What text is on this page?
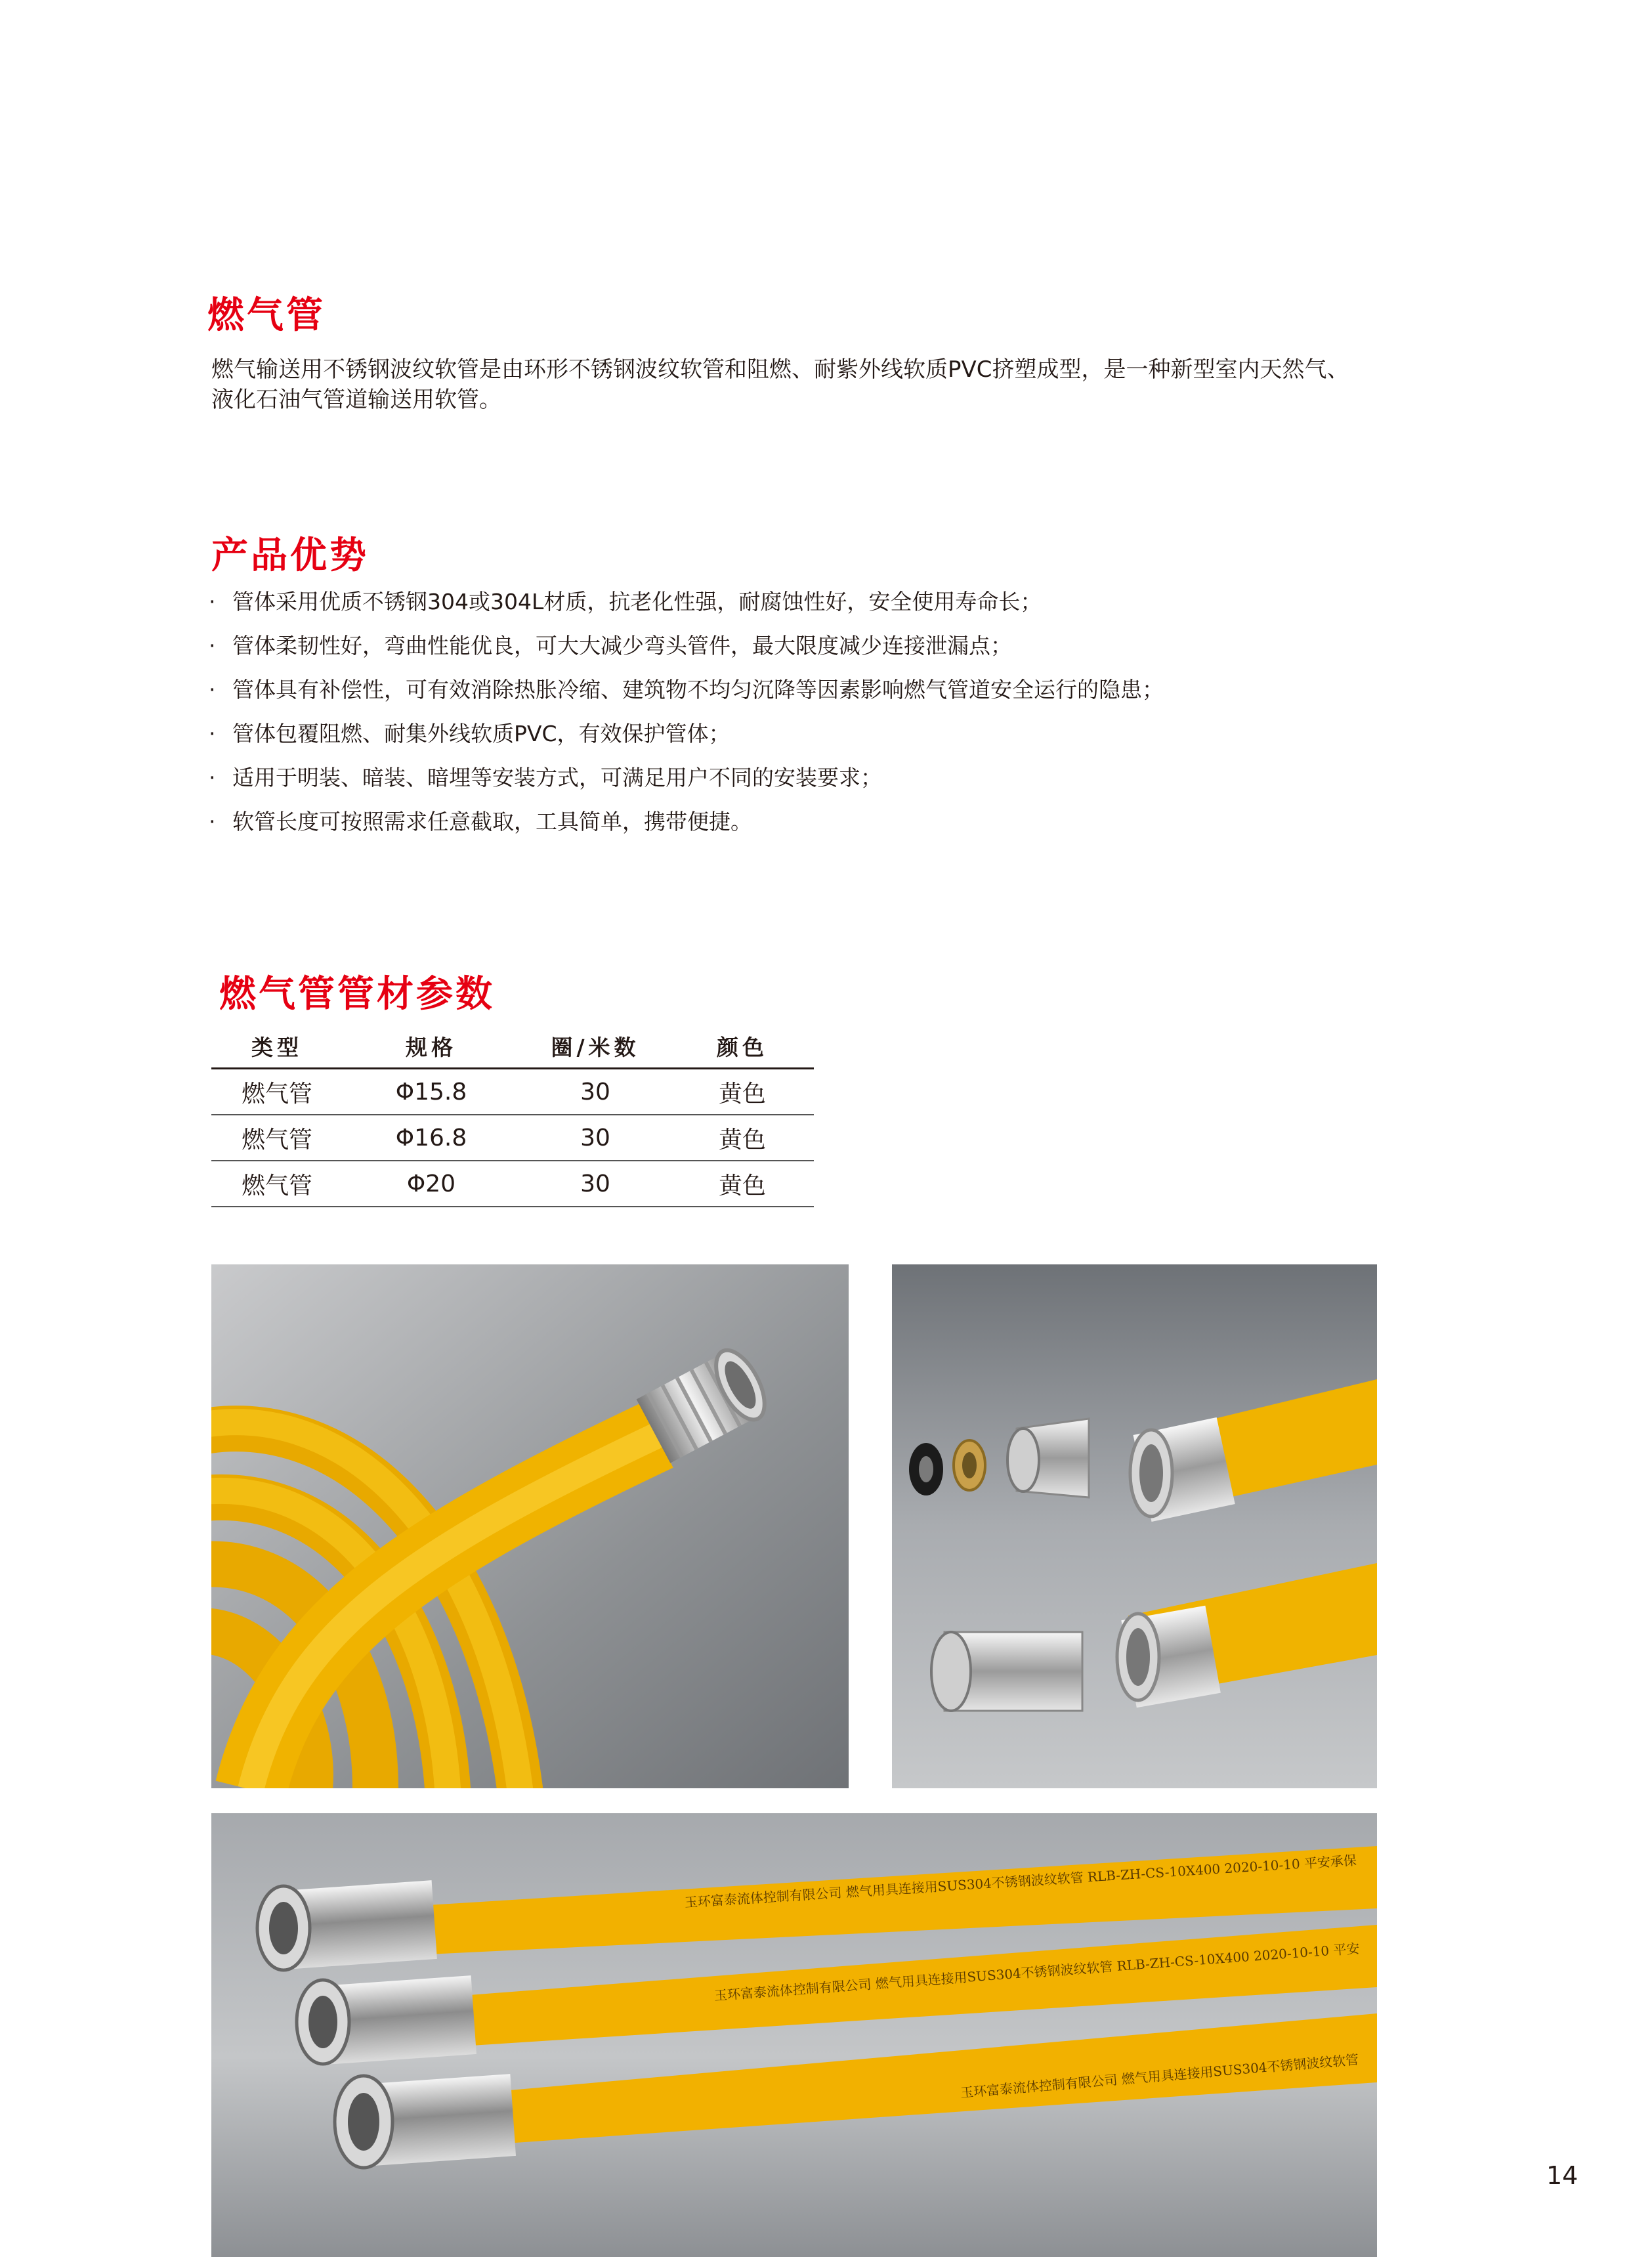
燃气管
燃气输送用不锈钢波纹软管是由环形不锈钢波纹软管和阻燃、耐紫外线软质PVC挤塑成型，是一种新型室内天然气、液化石油气管道输送用软管。
产品优势
· 管体采用优质不锈钢304或304L材质，抗老化性强，耐腐蚀性好，安全使用寿命长；
· 管体柔韧性好，弯曲性能优良，可大大减少弯头管件，最大限度减少连接泄漏点；
· 管体具有补偿性，可有效消除热胀冷缩、建筑物不均匀沉降等因素影响燃气管道安全运行的隐患；
· 管体包覆阻燃、耐集外线软质PVC，有效保护管体；
· 适用于明装、暗装、暗埋等安装方式，可满足用户不同的安装要求；
· 软管长度可按照需求任意截取，工具简单，携带便捷。
燃气管管材参数
类型	规格	圈/米数	颜色
燃气管	Φ15.8	30	黄色
燃气管	Φ16.8	30	黄色
燃气管	Φ20	30	黄色
玉环富泰流体控制有限公司 燃气用具连接用SUS304不锈钢波纹软管 RLB-ZH-CS-10X400 2020-10-10 平安承保
玉环富泰流体控制有限公司 燃气用具连接用SUS304不锈钢波纹软管 RLB-ZH-CS-10X400 2020-10-10 平安
玉环富泰流体控制有限公司 燃气用具连接用SUS304不锈钢波纹软管
14
